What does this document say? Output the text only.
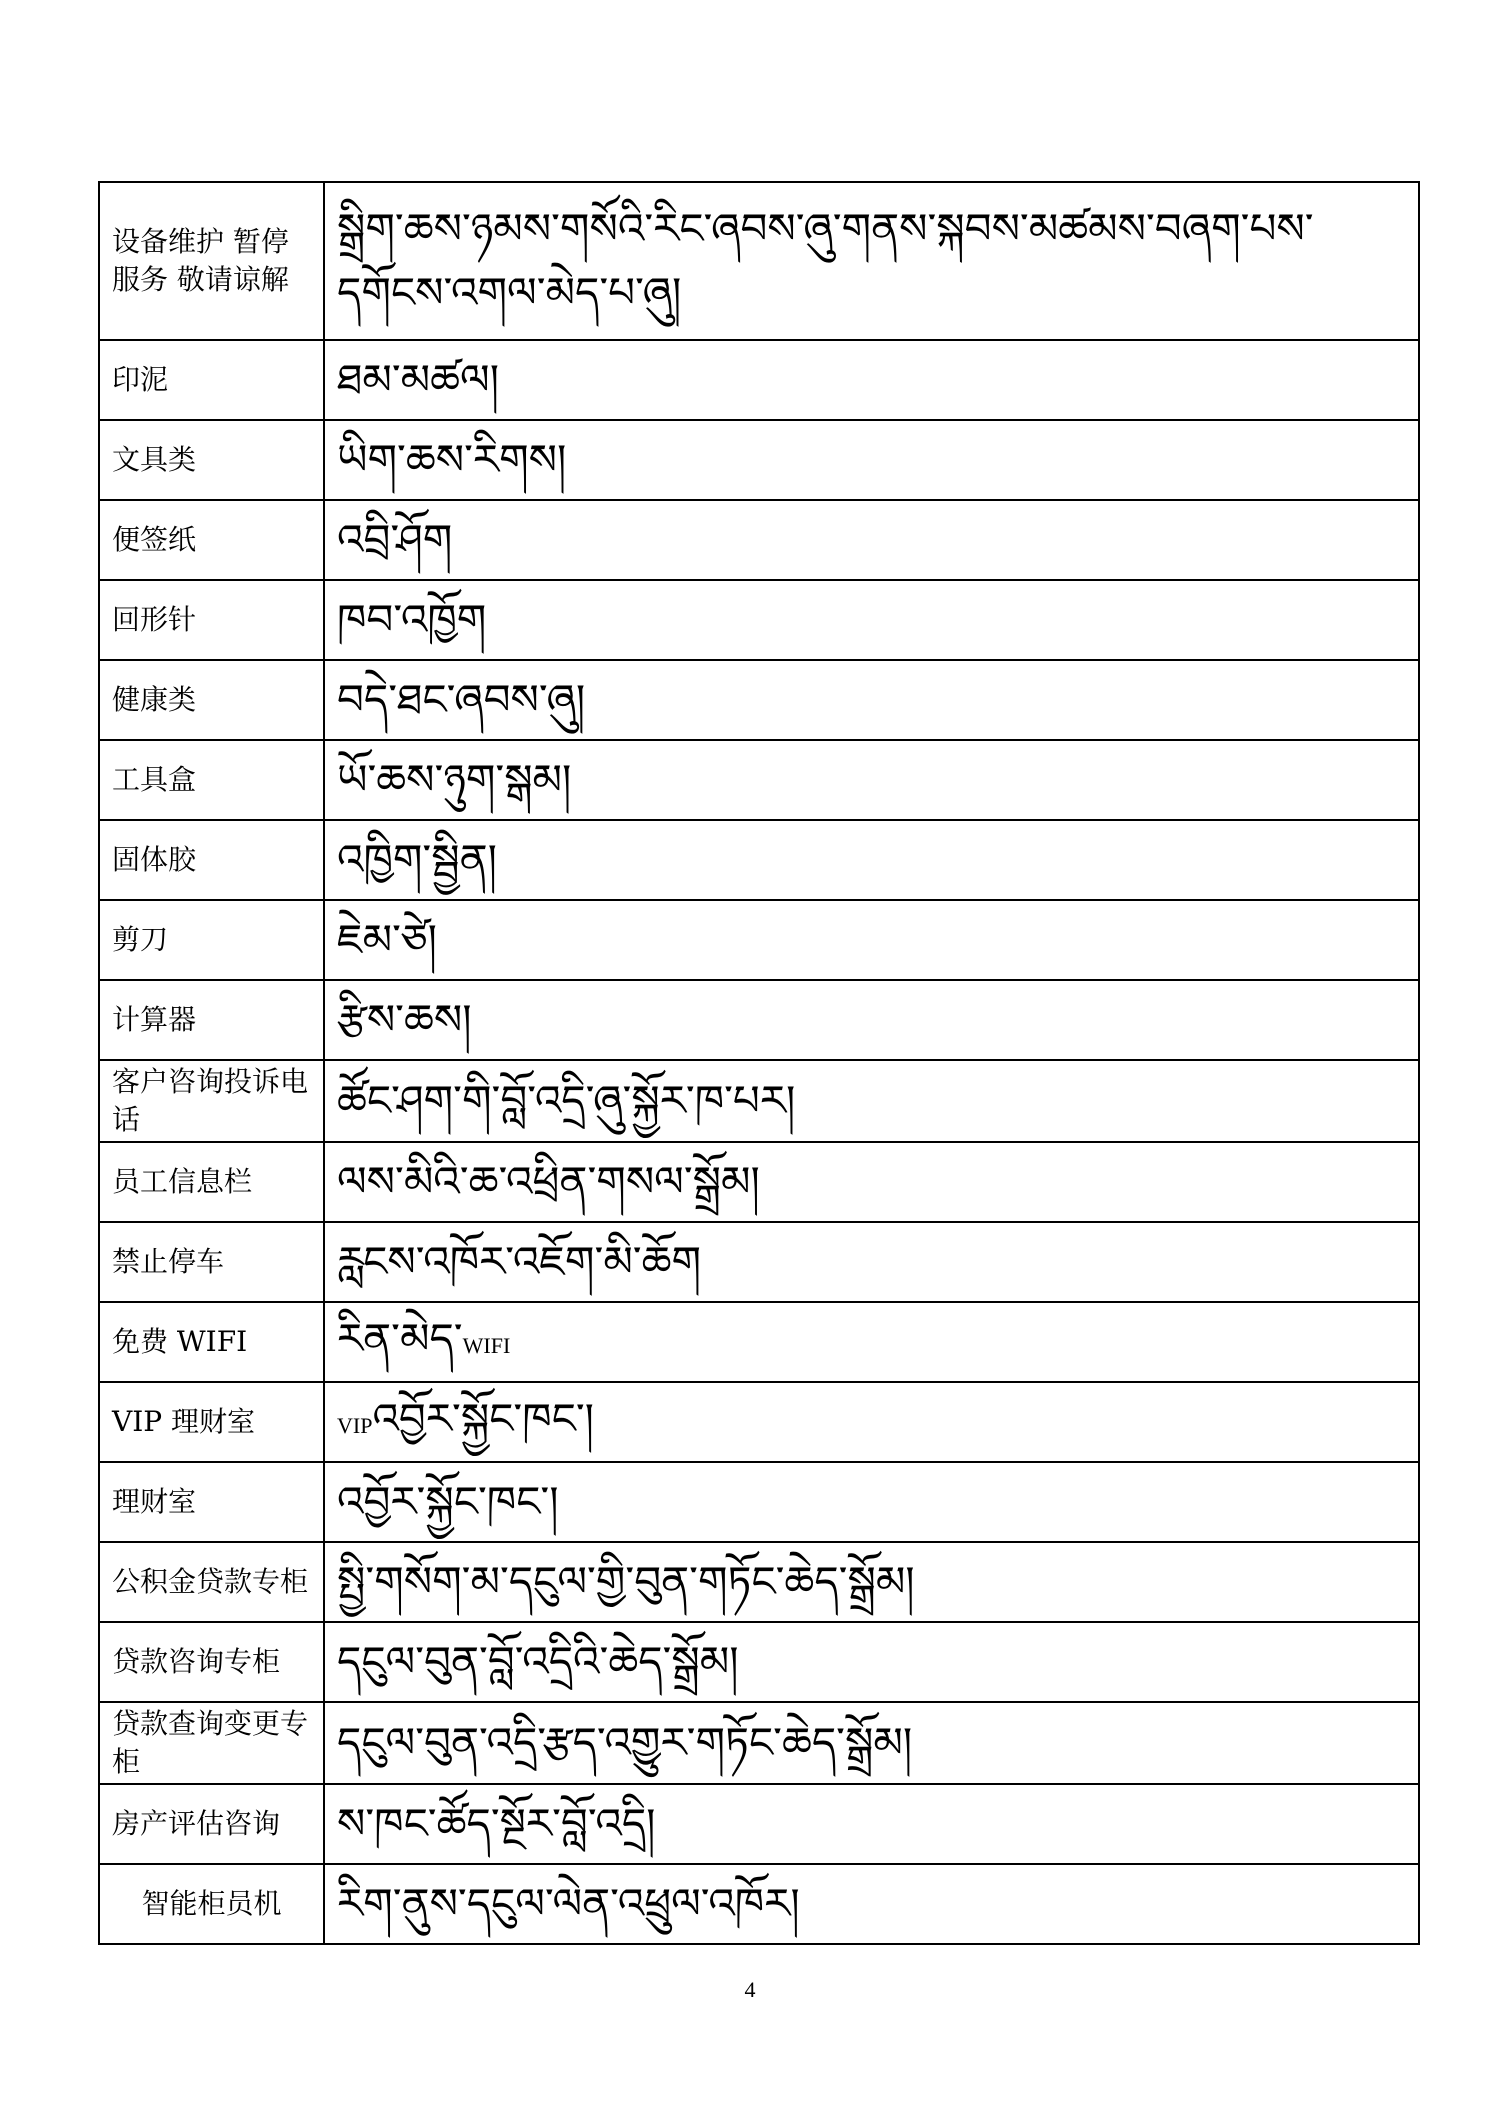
设备维护 暂停服务 敬请谅解	སྒྲིག་ཆས་ཉམས་གསོའི་རིང་ཞབས་ཞུ་གནས་སྐབས་མཚམས་བཞག་པས་དགོངས་འགལ་མེད་པ་ཞུ།
印泥	ཐམ་མཚལ།
文具类	ཡིག་ཆས་རིགས།
便签纸	འབྲི་ཤོག
回形针	ཁབ་འཁྱོག
健康类	བདེ་ཐང་ཞབས་ཞུ།
工具盒	ཡོ་ཆས་ཉུག་སྒམ།
固体胶	འཁྱིག་སྦྱིན།
剪刀	ཇེམ་ཙེ།
计算器	རྩིས་ཆས།
客户咨询投诉电话	ཚོང་ཤག་གི་བློ་འདྲི་ཞུ་སྐྱོར་ཁ་པར།
员工信息栏	ལས་མིའི་ཆ་འཕྲིན་གསལ་སྒྲོམ།
禁止停车	རླངས་འཁོར་འཇོག་མི་ཆོག
免费 WIFI	རིན་མེད་WIFI
VIP 理财室	VIPའབྱོར་སྐྱོང་ཁང་།
理财室	འབྱོར་སྐྱོང་ཁང་།
公积金贷款专柜	སྤྱི་གསོག་མ་དངུལ་གྱི་བུན་གཏོང་ཆེད་སྒྲོམ།
贷款咨询专柜	དངུལ་བུན་བློ་འདྲིའི་ཆེད་སྒྲོམ།
贷款查询变更专柜	དངུལ་བུན་འདྲི་རྩད་འགྱུར་གཏོང་ཆེད་སྒྲོམ།
房产评估咨询	ས་ཁང་ཚོད་སྔོར་བློ་འདྲི།
智能柜员机	རིག་ནུས་དངུལ་ལེན་འཕྲུལ་འཁོར།
4
